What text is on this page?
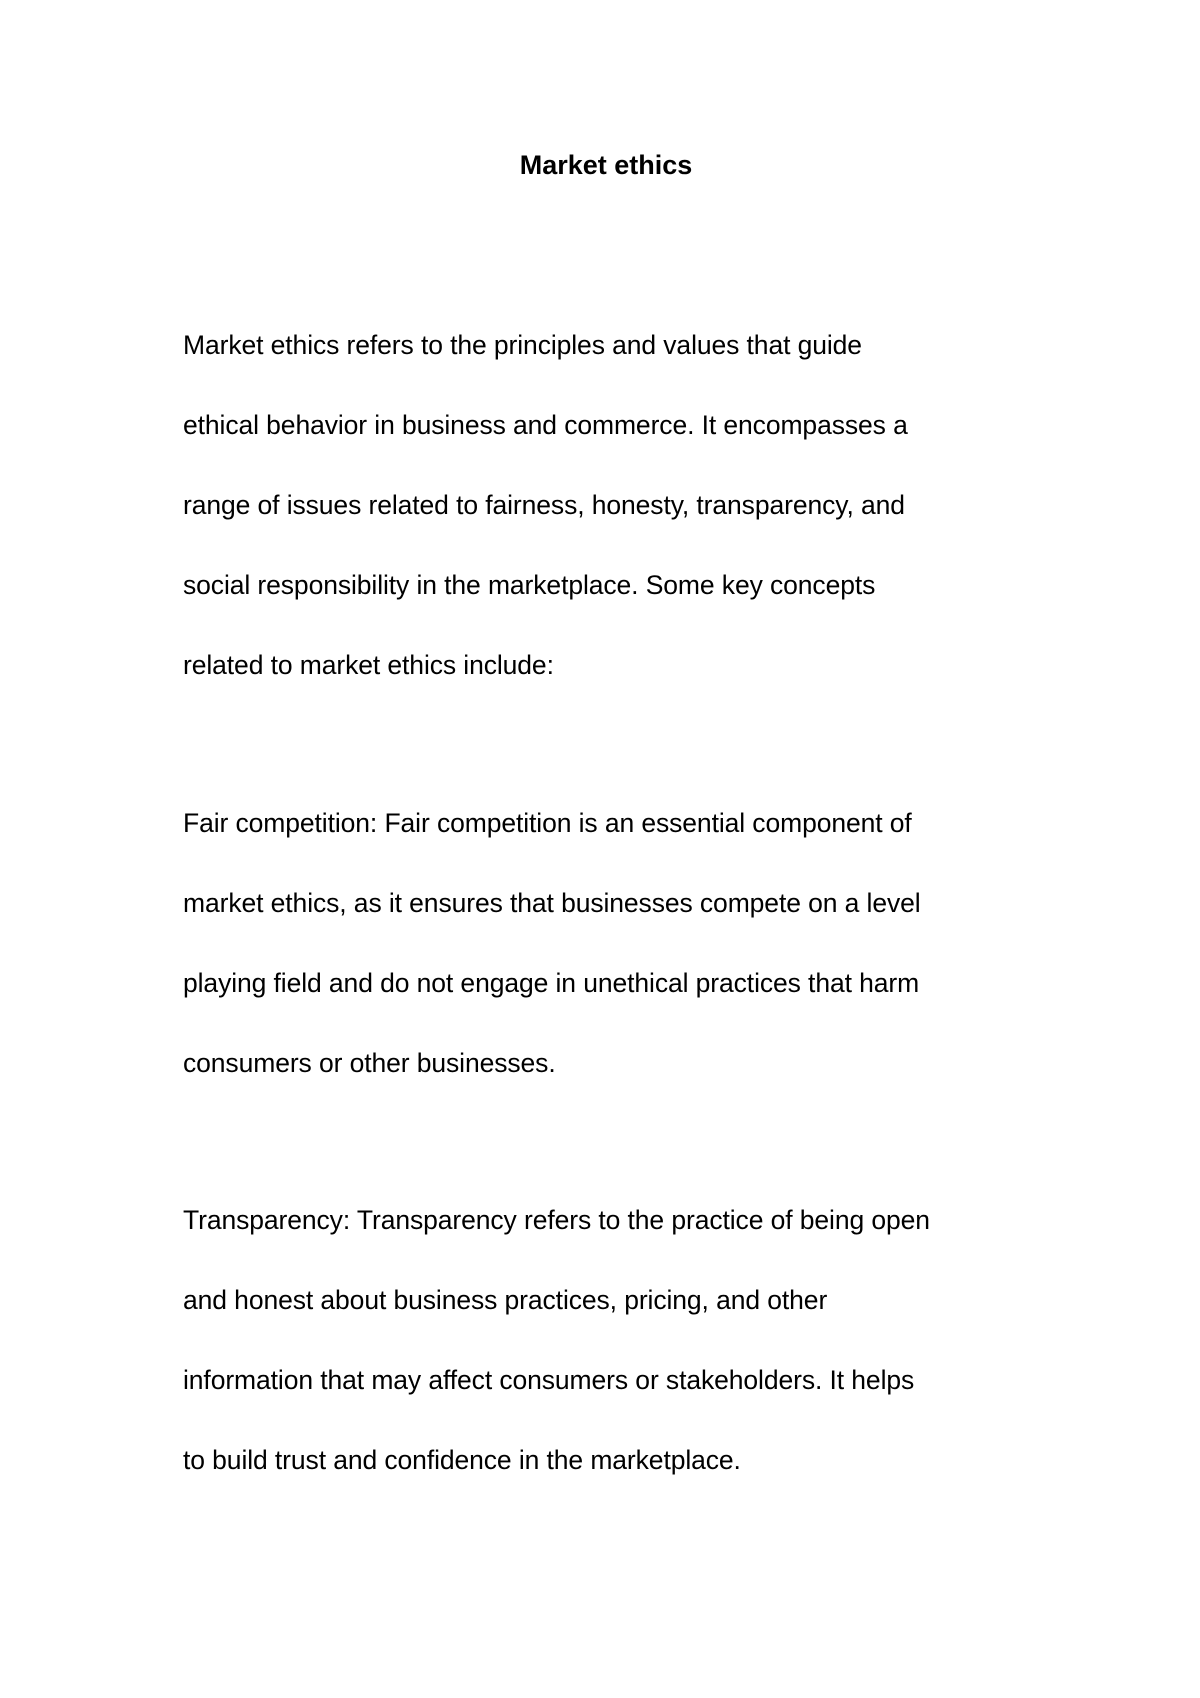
Market ethics
Market ethics refers to the principles and values that guide
ethical behavior in business and commerce. It encompasses a
range of issues related to fairness, honesty, transparency, and
social responsibility in the marketplace. Some key concepts
related to market ethics include:
Fair competition: Fair competition is an essential component of
market ethics, as it ensures that businesses compete on a level
playing field and do not engage in unethical practices that harm
consumers or other businesses.
Transparency: Transparency refers to the practice of being open
and honest about business practices, pricing, and other
information that may affect consumers or stakeholders. It helps
to build trust and confidence in the marketplace.
